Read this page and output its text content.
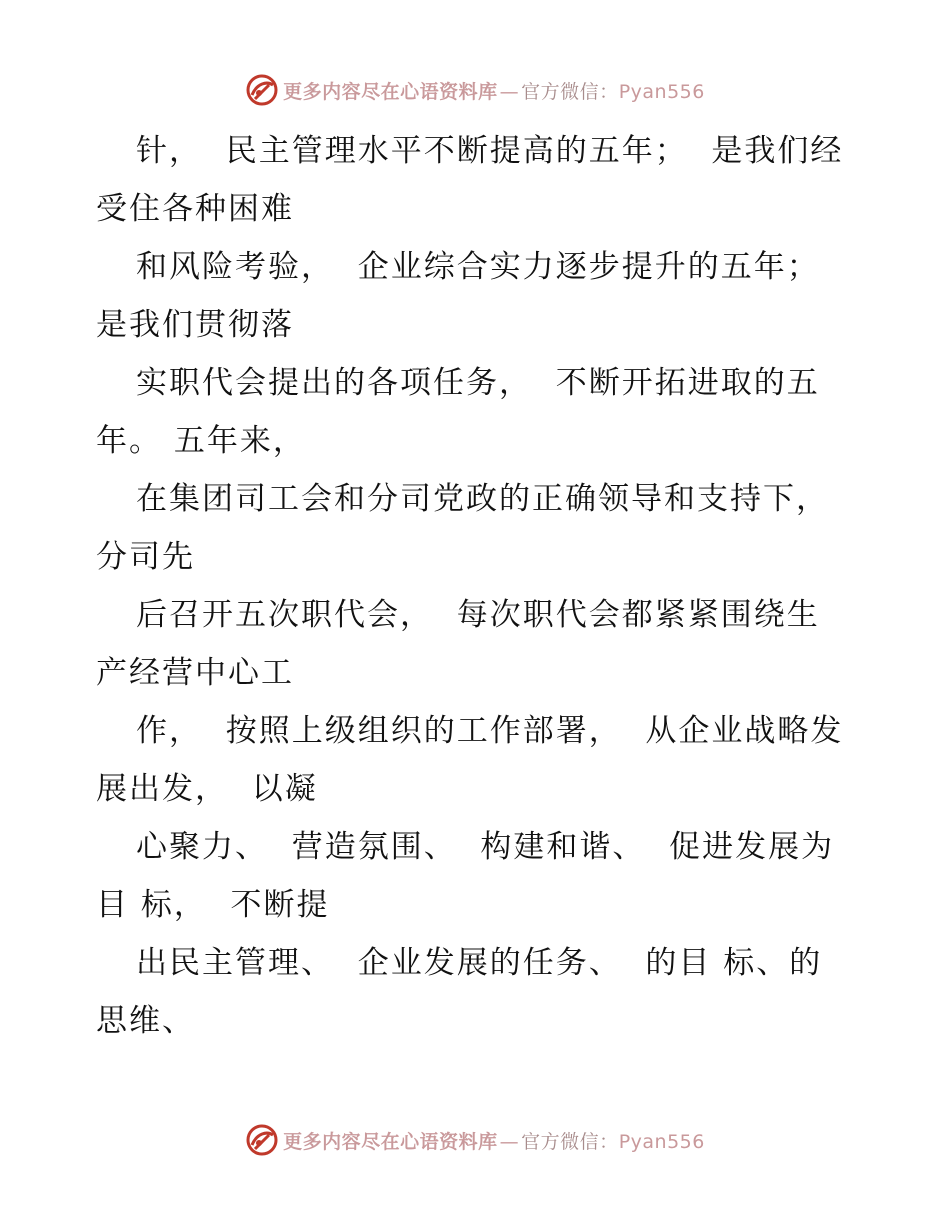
更多内容尽在心语资料库 — 官方微信：Pyan556
针，  民主管理水平不断提高的五年；  是我们经
受住各种困难
和风险考验，  企业综合实力逐步提升的五年；
是我们贯彻落
实职代会提出的各项任务，  不断开拓进取的五
年。 五年来，
在集团司工会和分司党政的正确领导和支持下，
分司先
后召开五次职代会，  每次职代会都紧紧围绕生
产经营中心工
作，  按照上级组织的工作部署，  从企业战略发
展出发，  以凝
心聚力、  营造氛围、  构建和谐、  促进发展为
目 标，  不断提
出民主管理、  企业发展的任务、  的目 标、的
思维、
更多内容尽在心语资料库 — 官方微信：Pyan556
